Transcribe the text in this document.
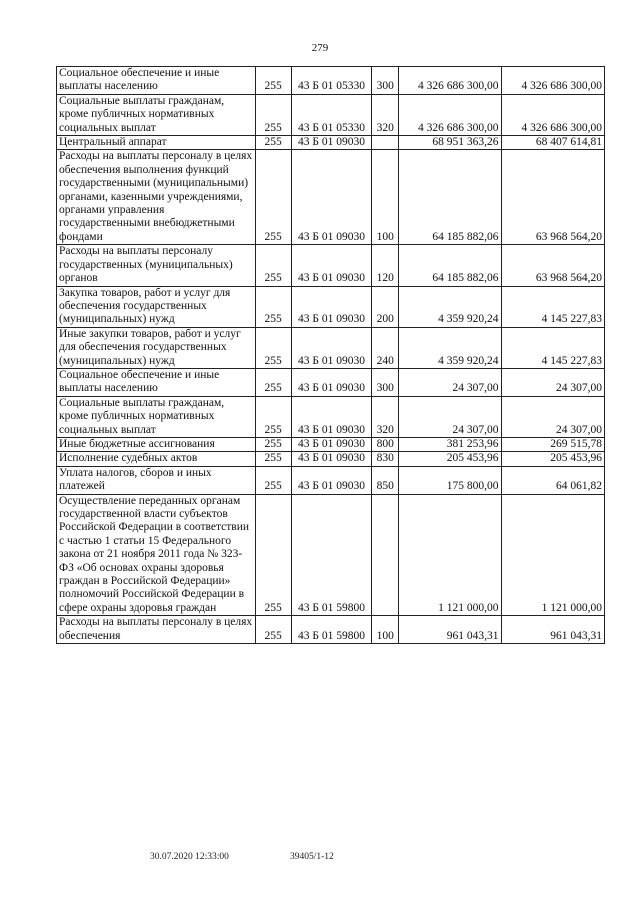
279
Социальное обеспечение и иные выплаты населению	255	43 Б 01 05330	300	4 326 686 300,00	4 326 686 300,00
Социальные выплаты гражданам, кроме публичных нормативных социальных выплат	255	43 Б 01 05330	320	4 326 686 300,00	4 326 686 300,00
Центральный аппарат	255	43 Б 01 09030		68 951 363,26	68 407 614,81
Расходы на выплаты персоналу в целях обеспечения выполнения функций государственными (муниципальными) органами, казенными учреждениями, органами управления государственными внебюджетными фондами	255	43 Б 01 09030	100	64 185 882,06	63 968 564,20
Расходы на выплаты персоналу государственных (муниципальных) органов	255	43 Б 01 09030	120	64 185 882,06	63 968 564,20
Закупка товаров, работ и услуг для обеспечения государственных (муниципальных) нужд	255	43 Б 01 09030	200	4 359 920,24	4 145 227,83
Иные закупки товаров, работ и услуг для обеспечения государственных (муниципальных) нужд	255	43 Б 01 09030	240	4 359 920,24	4 145 227,83
Социальное обеспечение и иные выплаты населению	255	43 Б 01 09030	300	24 307,00	24 307,00
Социальные выплаты гражданам, кроме публичных нормативных социальных выплат	255	43 Б 01 09030	320	24 307,00	24 307,00
Иные бюджетные ассигнования	255	43 Б 01 09030	800	381 253,96	269 515,78
Исполнение судебных актов	255	43 Б 01 09030	830	205 453,96	205 453,96
Уплата налогов, сборов и иных платежей	255	43 Б 01 09030	850	175 800,00	64 061,82
Осуществление переданных органам государственной власти субъектов Российской Федерации в соответствии с частью 1 статьи 15 Федерального закона от 21 ноября 2011 года № 323-ФЗ «Об основах охраны здоровья граждан в Российской Федерации» полномочий Российской Федерации в сфере охраны здоровья граждан	255	43 Б 01 59800		1 121 000,00	1 121 000,00
Расходы на выплаты персоналу в целях обеспечения	255	43 Б 01 59800	100	961 043,31	961 043,31
30.07.2020 12:33:00	39405/1-12
